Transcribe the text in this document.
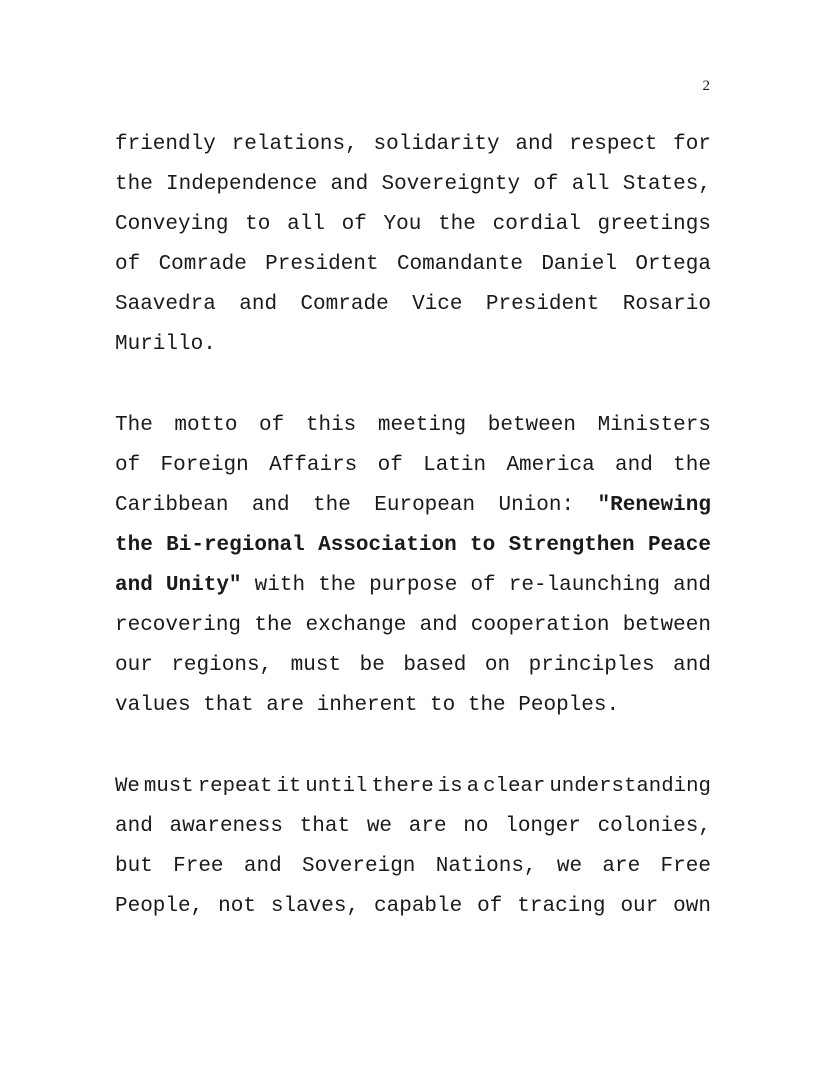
2
friendly relations, solidarity and respect for
the Independence and Sovereignty of all States,
Conveying to all of You the cordial greetings
of Comrade President Comandante Daniel Ortega
Saavedra and Comrade Vice President Rosario
Murillo.
The motto of this meeting between Ministers
of Foreign Affairs of Latin America and the
Caribbean and the European Union: "Renewing
the Bi-regional Association to Strengthen Peace
and Unity" with the purpose of re-launching and
recovering the exchange and cooperation between
our regions, must be based on principles and
values that are inherent to the Peoples.
We must repeat it until there is a clear understanding
and awareness that we are no longer colonies,
but Free and Sovereign Nations, we are Free
People, not slaves, capable of tracing our own
